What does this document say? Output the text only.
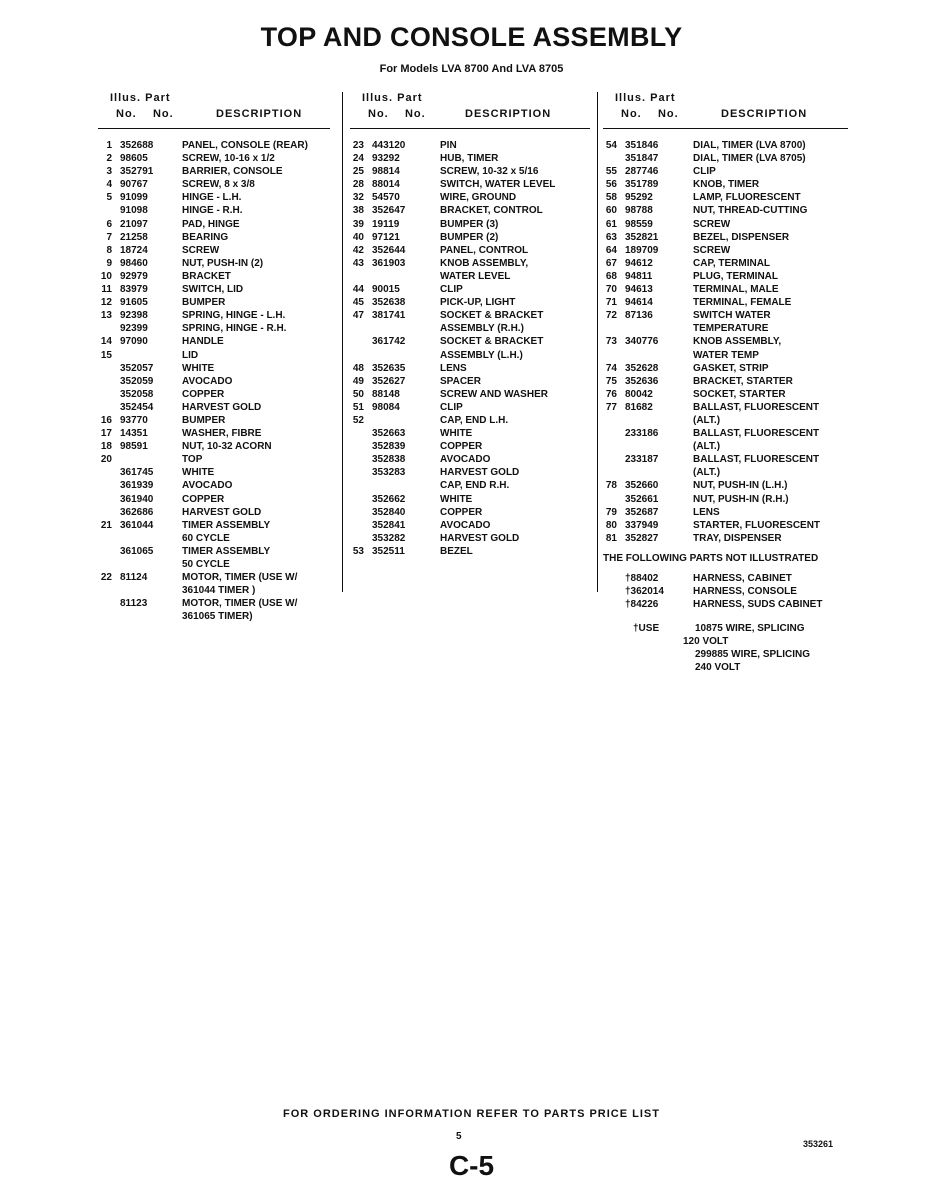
TOP AND CONSOLE ASSEMBLY
For Models LVA 8700 And LVA 8705
Illus. Part
No. No.	DESCRIPTION
1 352688	PANEL, CONSOLE (REAR)
2 98605	SCREW, 10-16 x 1/2
3 352791	BARRIER, CONSOLE
4 90767	SCREW, 8 x 3/8
5 91099	HINGE - L.H.
91098	HINGE - R.H.
6 21097	PAD, HINGE
7 21258	BEARING
8 18724	SCREW
9 98460	NUT, PUSH-IN (2)
10 92979	BRACKET
11 83979	SWITCH, LID
12 91605	BUMPER
13 92398	SPRING, HINGE - L.H.
92399	SPRING, HINGE - R.H.
14 97090	HANDLE
15	LID
352057	WHITE
352059	AVOCADO
352058	COPPER
352454	HARVEST GOLD
16 93770	BUMPER
17 14351	WASHER, FIBRE
18 98591	NUT, 10-32 ACORN
20	TOP
361745	WHITE
361939	AVOCADO
361940	COPPER
362686	HARVEST GOLD
21 361044	TIMER ASSEMBLY
60 CYCLE
361065	TIMER ASSEMBLY
50 CYCLE
22 81124	MOTOR, TIMER (USE W/
361044 TIMER )
81123	MOTOR, TIMER (USE W/
361065 TIMER)
Illus. Part
No. No.	DESCRIPTION
23 443120	PIN
24 93292	HUB, TIMER
25 98814	SCREW, 10-32 x 5/16
28 88014	SWITCH, WATER LEVEL
32 54570	WIRE, GROUND
38 352647	BRACKET, CONTROL
39 19119	BUMPER (3)
40 97121	BUMPER (2)
42 352644	PANEL, CONTROL
43 361903	KNOB ASSEMBLY,
WATER LEVEL
44 90015	CLIP
45 352638	PICK-UP, LIGHT
47 381741	SOCKET & BRACKET
ASSEMBLY (R.H.)
361742	SOCKET & BRACKET
ASSEMBLY (L.H.)
48 352635	LENS
49 352627	SPACER
50 88148	SCREW AND WASHER
51 98084	CLIP
52	CAP, END L.H.
352663	WHITE
352839	COPPER
352838	AVOCADO
353283	HARVEST GOLD
CAP, END R.H.
352662	WHITE
352840	COPPER
352841	AVOCADO
353282	HARVEST GOLD
53 352511	BEZEL
Illus. Part
No. No.	DESCRIPTION
54 351846	DIAL, TIMER (LVA 8700)
351847	DIAL, TIMER (LVA 8705)
55 287746	CLIP
56 351789	KNOB, TIMER
58 95292	LAMP, FLUORESCENT
60 98788	NUT, THREAD-CUTTING
61 98559	SCREW
63 352821	BEZEL, DISPENSER
64 189709	SCREW
67 94612	CAP, TERMINAL
68 94811	PLUG, TERMINAL
70 94613	TERMINAL, MALE
71 94614	TERMINAL, FEMALE
72 87136	SWITCH WATER
TEMPERATURE
73 340776	KNOB ASSEMBLY,
WATER TEMP
74 352628	GASKET, STRIP
75 352636	BRACKET, STARTER
76 80042	SOCKET, STARTER
77 81682	BALLAST, FLUORESCENT
(ALT.)
233186	BALLAST, FLUORESCENT
(ALT.)
233187	BALLAST, FLUORESCENT
(ALT.)
78 352660	NUT, PUSH-IN (L.H.)
352661	NUT, PUSH-IN (R.H.)
79 352687	LENS
80 337949	STARTER, FLUORESCENT
81 352827	TRAY, DISPENSER
THE FOLLOWING PARTS NOT ILLUSTRATED
†88402	HARNESS, CABINET
†362014	HARNESS, CONSOLE
†84226	HARNESS, SUDS CABINET
†USE	10875 WIRE, SPLICING
120 VOLT
299885 WIRE, SPLICING
240 VOLT
FOR ORDERING INFORMATION REFER TO PARTS PRICE LIST
5
353261
C-5
